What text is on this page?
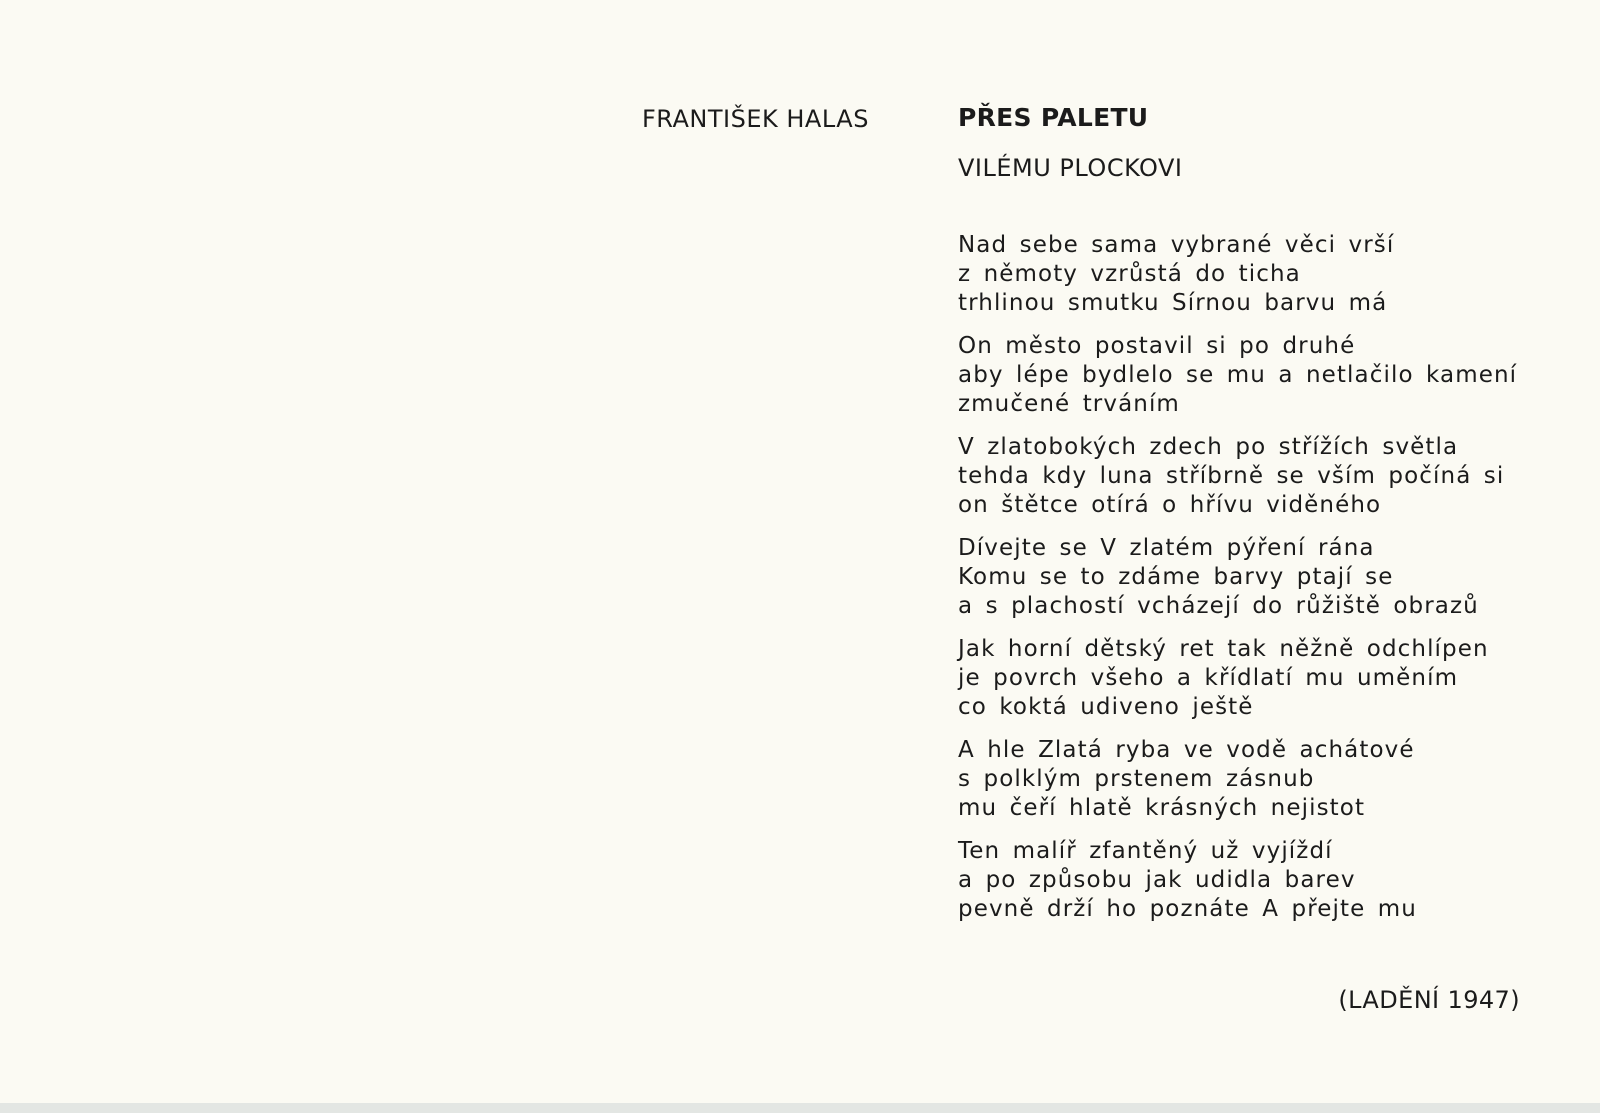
FRANTIŠEK HALAS	PŘES PALETU
VILÉMU PLOCKOVI
Nad sebe sama vybrané věci vrší
z němoty vzrůstá do ticha
trhlinou smutku Sírnou barvu má
On město postavil si po druhé
aby lépe bydlelo se mu a netlačilo kamení
zmučené trváním
V zlatobokých zdech po střížích světla
tehda kdy luna stříbrně se vším počíná si
on štětce otírá o hřívu viděného
Dívejte se V zlatém pýření rána
Komu se to zdáme barvy ptají se
a s plachostí vcházejí do růžiště obrazů
Jak horní dětský ret tak něžně odchlípen
je povrch všeho a křídlatí mu uměním
co koktá udiveno ještě
A hle Zlatá ryba ve vodě achátové
s polklým prstenem zásnub
mu čeří hlatě krásných nejistot
Ten malíř zfantěný už vyjíždí
a po způsobu jak udidla barev
pevně drží ho poznáte A přejte mu
(LADĚNÍ 1947)
